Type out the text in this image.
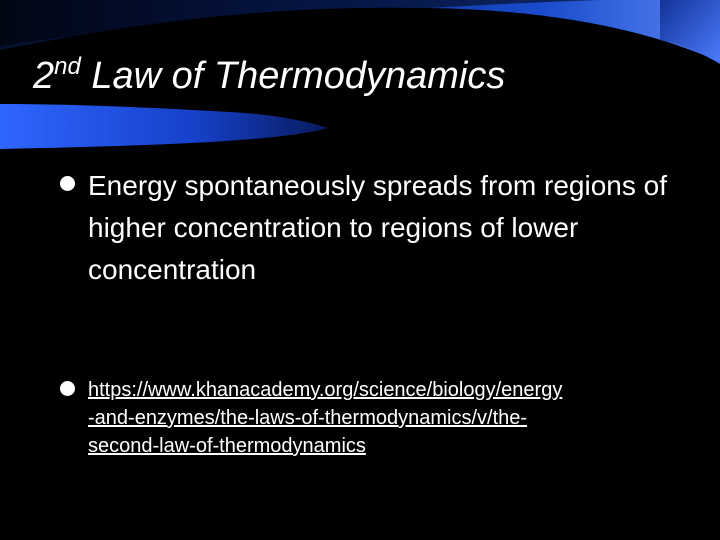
2nd Law of Thermodynamics

Energy spontaneously spreads from regions of higher concentration to regions of lower concentration

https://www.khanacademy.org/science/biology/energy
-and-enzymes/the-laws-of-thermodynamics/v/the-
second-law-of-thermodynamics
